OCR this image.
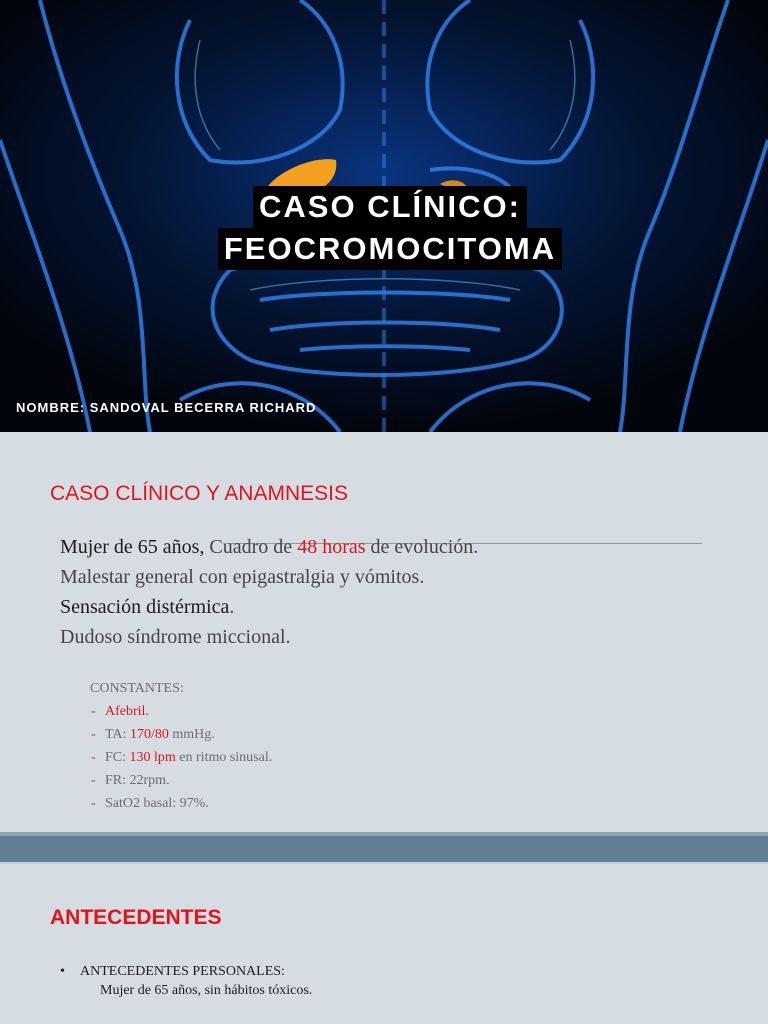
CASO CLÍNICO:
FEOCROMOCITOMA
NOMBRE: SANDOVAL BECERRA RICHARD
CASO CLÍNICO Y ANAMNESIS

Mujer de 65 años, Cuadro de 48 horas de evolución.

Malestar general con epigastralgia y vómitos.

Sensación distérmica.

Dudoso síndrome miccional.

CONSTANTES:
- Afebril.
- TA: 170/80 mmHg.
- FC: 130 lpm en ritmo sinusal.
- FR: 22rpm.
- SatO2 basal: 97%.
ANTECEDENTES
• ANTECEDENTES PERSONALES:
Mujer de 65 años, sin hábitos tóxicos.
